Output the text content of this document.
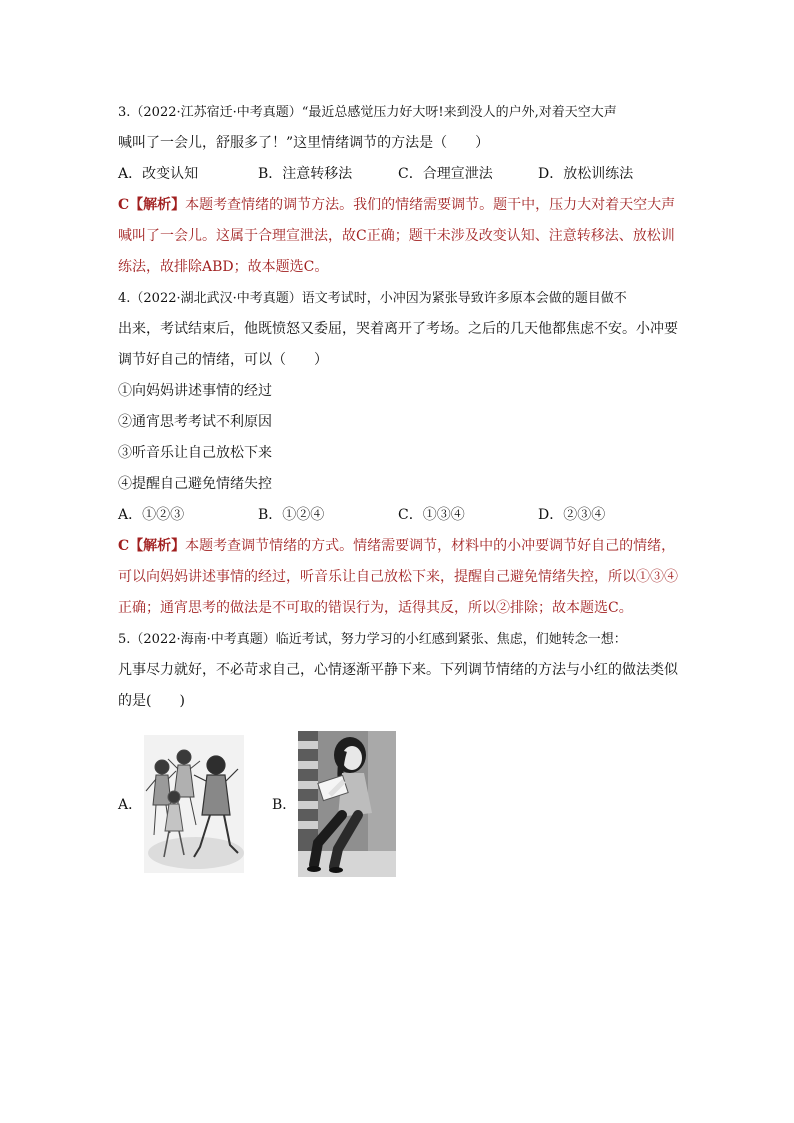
3.（2022·江苏宿迁·中考真题）“最近总感觉压力好大呀!来到没人的户外,对着天空大声
喊叫了一会儿，舒服多了！”这里情绪调节的方法是（　　）
A．改变认知	B．注意转移法	C．合理宣泄法	D．放松训练法
C【解析】本题考查情绪的调节方法。我们的情绪需要调节。题干中，压力大对着天空大声
喊叫了一会儿。这属于合理宣泄法，故C正确；题干未涉及改变认知、注意转移法、放松训
练法，故排除ABD；故本题选C。
4.（2022·湖北武汉·中考真题）语文考试时，小冲因为紧张导致许多原本会做的题目做不
出来，考试结束后，他既愤怒又委屈，哭着离开了考场。之后的几天他都焦虑不安。小冲要
调节好自己的情绪，可以（　　）
①向妈妈讲述事情的经过
②通宵思考考试不利原因
③听音乐让自己放松下来
④提醒自己避免情绪失控
A．①②③	B．①②④	C．①③④	D．②③④
C【解析】本题考查调节情绪的方式。情绪需要调节，材料中的小冲要调节好自己的情绪，
可以向妈妈讲述事情的经过，听音乐让自己放松下来，提醒自己避免情绪失控，所以①③④
正确；通宵思考的做法是不可取的错误行为，适得其反，所以②排除；故本题选C。
5.（2022·海南·中考真题）临近考试，努力学习的小红感到紧张、焦虑，们她转念一想：
凡事尽力就好，不必苛求自己，心情逐渐平静下来。下列调节情绪的方法与小红的做法类似
的是(　　)
A．	B．
